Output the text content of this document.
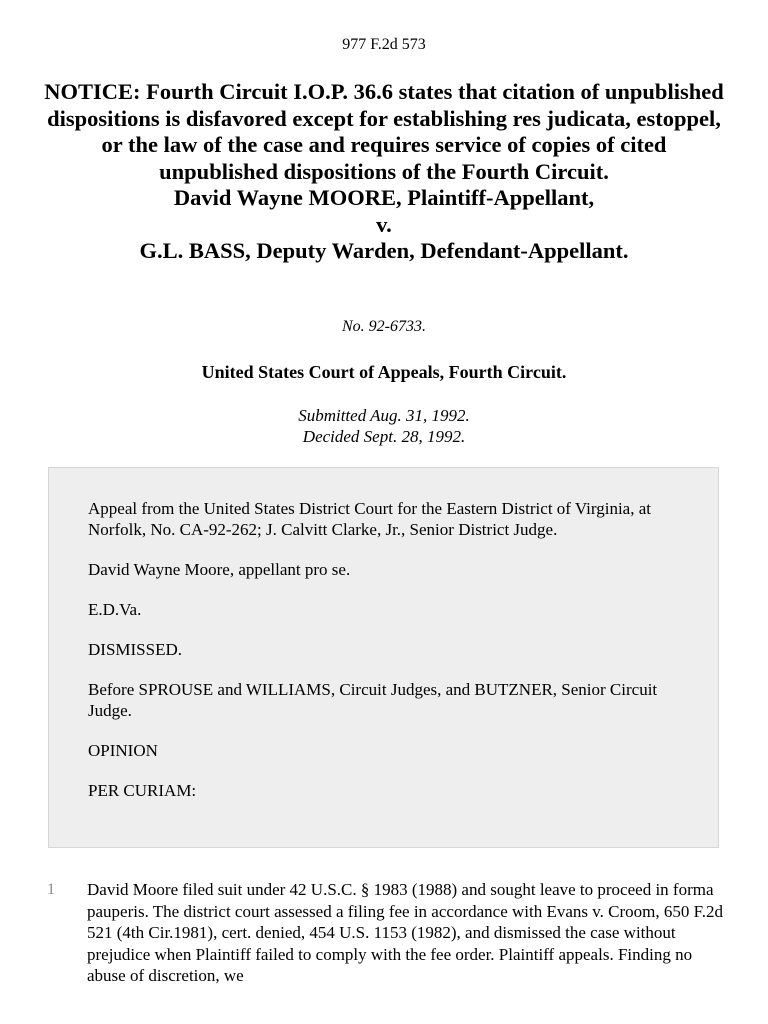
977 F.2d 573
NOTICE: Fourth Circuit I.O.P. 36.6 states that citation of unpublished dispositions is disfavored except for establishing res judicata, estoppel, or the law of the case and requires service of copies of cited unpublished dispositions of the Fourth Circuit.
David Wayne MOORE, Plaintiff-Appellant,
v.
G.L. BASS, Deputy Warden, Defendant-Appellant.
No. 92-6733.
United States Court of Appeals, Fourth Circuit.
Submitted Aug. 31, 1992.
Decided Sept. 28, 1992.

Appeal from the United States District Court for the Eastern District of Virginia, at Norfolk, No. CA-92-262; J. Calvitt Clarke, Jr., Senior District Judge.

David Wayne Moore, appellant pro se.

E.D.Va.

DISMISSED.

Before SPROUSE and WILLIAMS, Circuit Judges, and BUTZNER, Senior Circuit Judge.

OPINION

PER CURIAM:

1 David Moore filed suit under 42 U.S.C. § 1983 (1988) and sought leave to proceed in forma pauperis. The district court assessed a filing fee in accordance with Evans v. Croom, 650 F.2d 521 (4th Cir.1981), cert. denied, 454 U.S. 1153 (1982), and dismissed the case without prejudice when Plaintiff failed to comply with the fee order. Plaintiff appeals. Finding no abuse of discretion, we
